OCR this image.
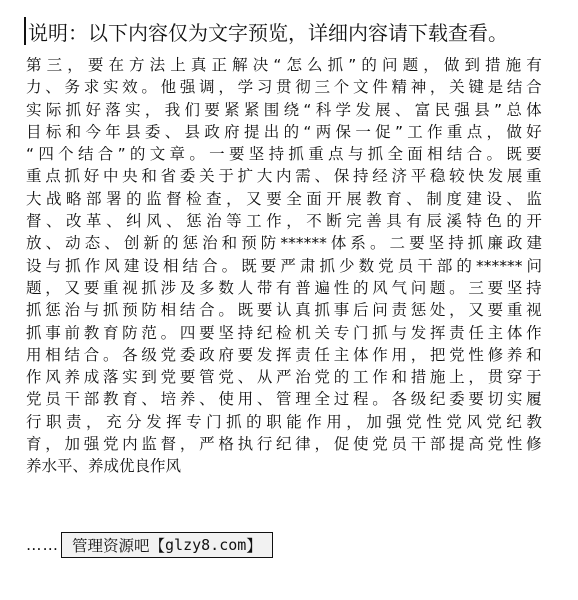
说明：以下内容仅为文字预览，详细内容请下载查看。
第 三 ， 要 在 方 法 上 真 正 解 决 “ 怎 么 抓 ” 的 问 题 ， 做 到 措 施 有
力 、 务 求 实 效 。 他 强 调 ， 学 习 贯 彻 三 个 文 件 精 神 ， 关 键 是 结 合
实 际 抓 好 落 实 ， 我 们 要 紧 紧 围 绕 “ 科 学 发 展 、 富 民 强 县 ” 总 体
目 标 和 今 年 县 委 、 县 政 府 提 出 的 “ 两 保 一 促 ” 工 作 重 点 ， 做 好
“ 四 个 结 合 ” 的 文 章 。 一 要 坚 持 抓 重 点 与 抓 全 面 相 结 合 。 既 要
重 点 抓 好 中 央 和 省 委 关 于 扩 大 内 需 、 保 持 经 济 平 稳 较 快 发 展 重
大 战 略 部 署 的 监 督 检 查 ， 又 要 全 面 开 展 教 育 、 制 度 建 设 、 监
督 、 改 革 、 纠 风 、 惩 治 等 工 作 ， 不 断 完 善 具 有 辰 溪 特 色 的 开
放 、 动 态 、 创 新 的 惩 治 和 预 防 ****** 体 系 。 二 要 坚 持 抓 廉 政 建
设 与 抓 作 风 建 设 相 结 合 。 既 要 严 肃 抓 少 数 党 员 干 部 的 ****** 问
题 ， 又 要 重 视 抓 涉 及 多 数 人 带 有 普 遍 性 的 风 气 问 题 。 三 要 坚 持
抓 惩 治 与 抓 预 防 相 结 合 。 既 要 认 真 抓 事 后 问 责 惩 处 ， 又 要 重 视
抓 事 前 教 育 防 范 。 四 要 坚 持 纪 检 机 关 专 门 抓 与 发 挥 责 任 主 体 作
用 相 结 合 。 各 级 党 委 政 府 要 发 挥 责 任 主 体 作 用 ， 把 党 性 修 养 和
作 风 养 成 落 实 到 党 要 管 党 、 从 严 治 党 的 工 作 和 措 施 上 ， 贯 穿 于
党 员 干 部 教 育 、 培 养 、 使 用 、 管 理 全 过 程 。 各 级 纪 委 要 切 实 履
行 职 责 ， 充 分 发 挥 专 门 抓 的 职 能 作 用 ， 加 强 党 性 党 风 党 纪 教
育 ， 加 强 党 内 监 督 ， 严 格 执 行 纪 律 ， 促 使 党 员 干 部 提 高 党 性 修
养水平、养成优良作风
…… 管理资源吧【 glzy8.com 】
